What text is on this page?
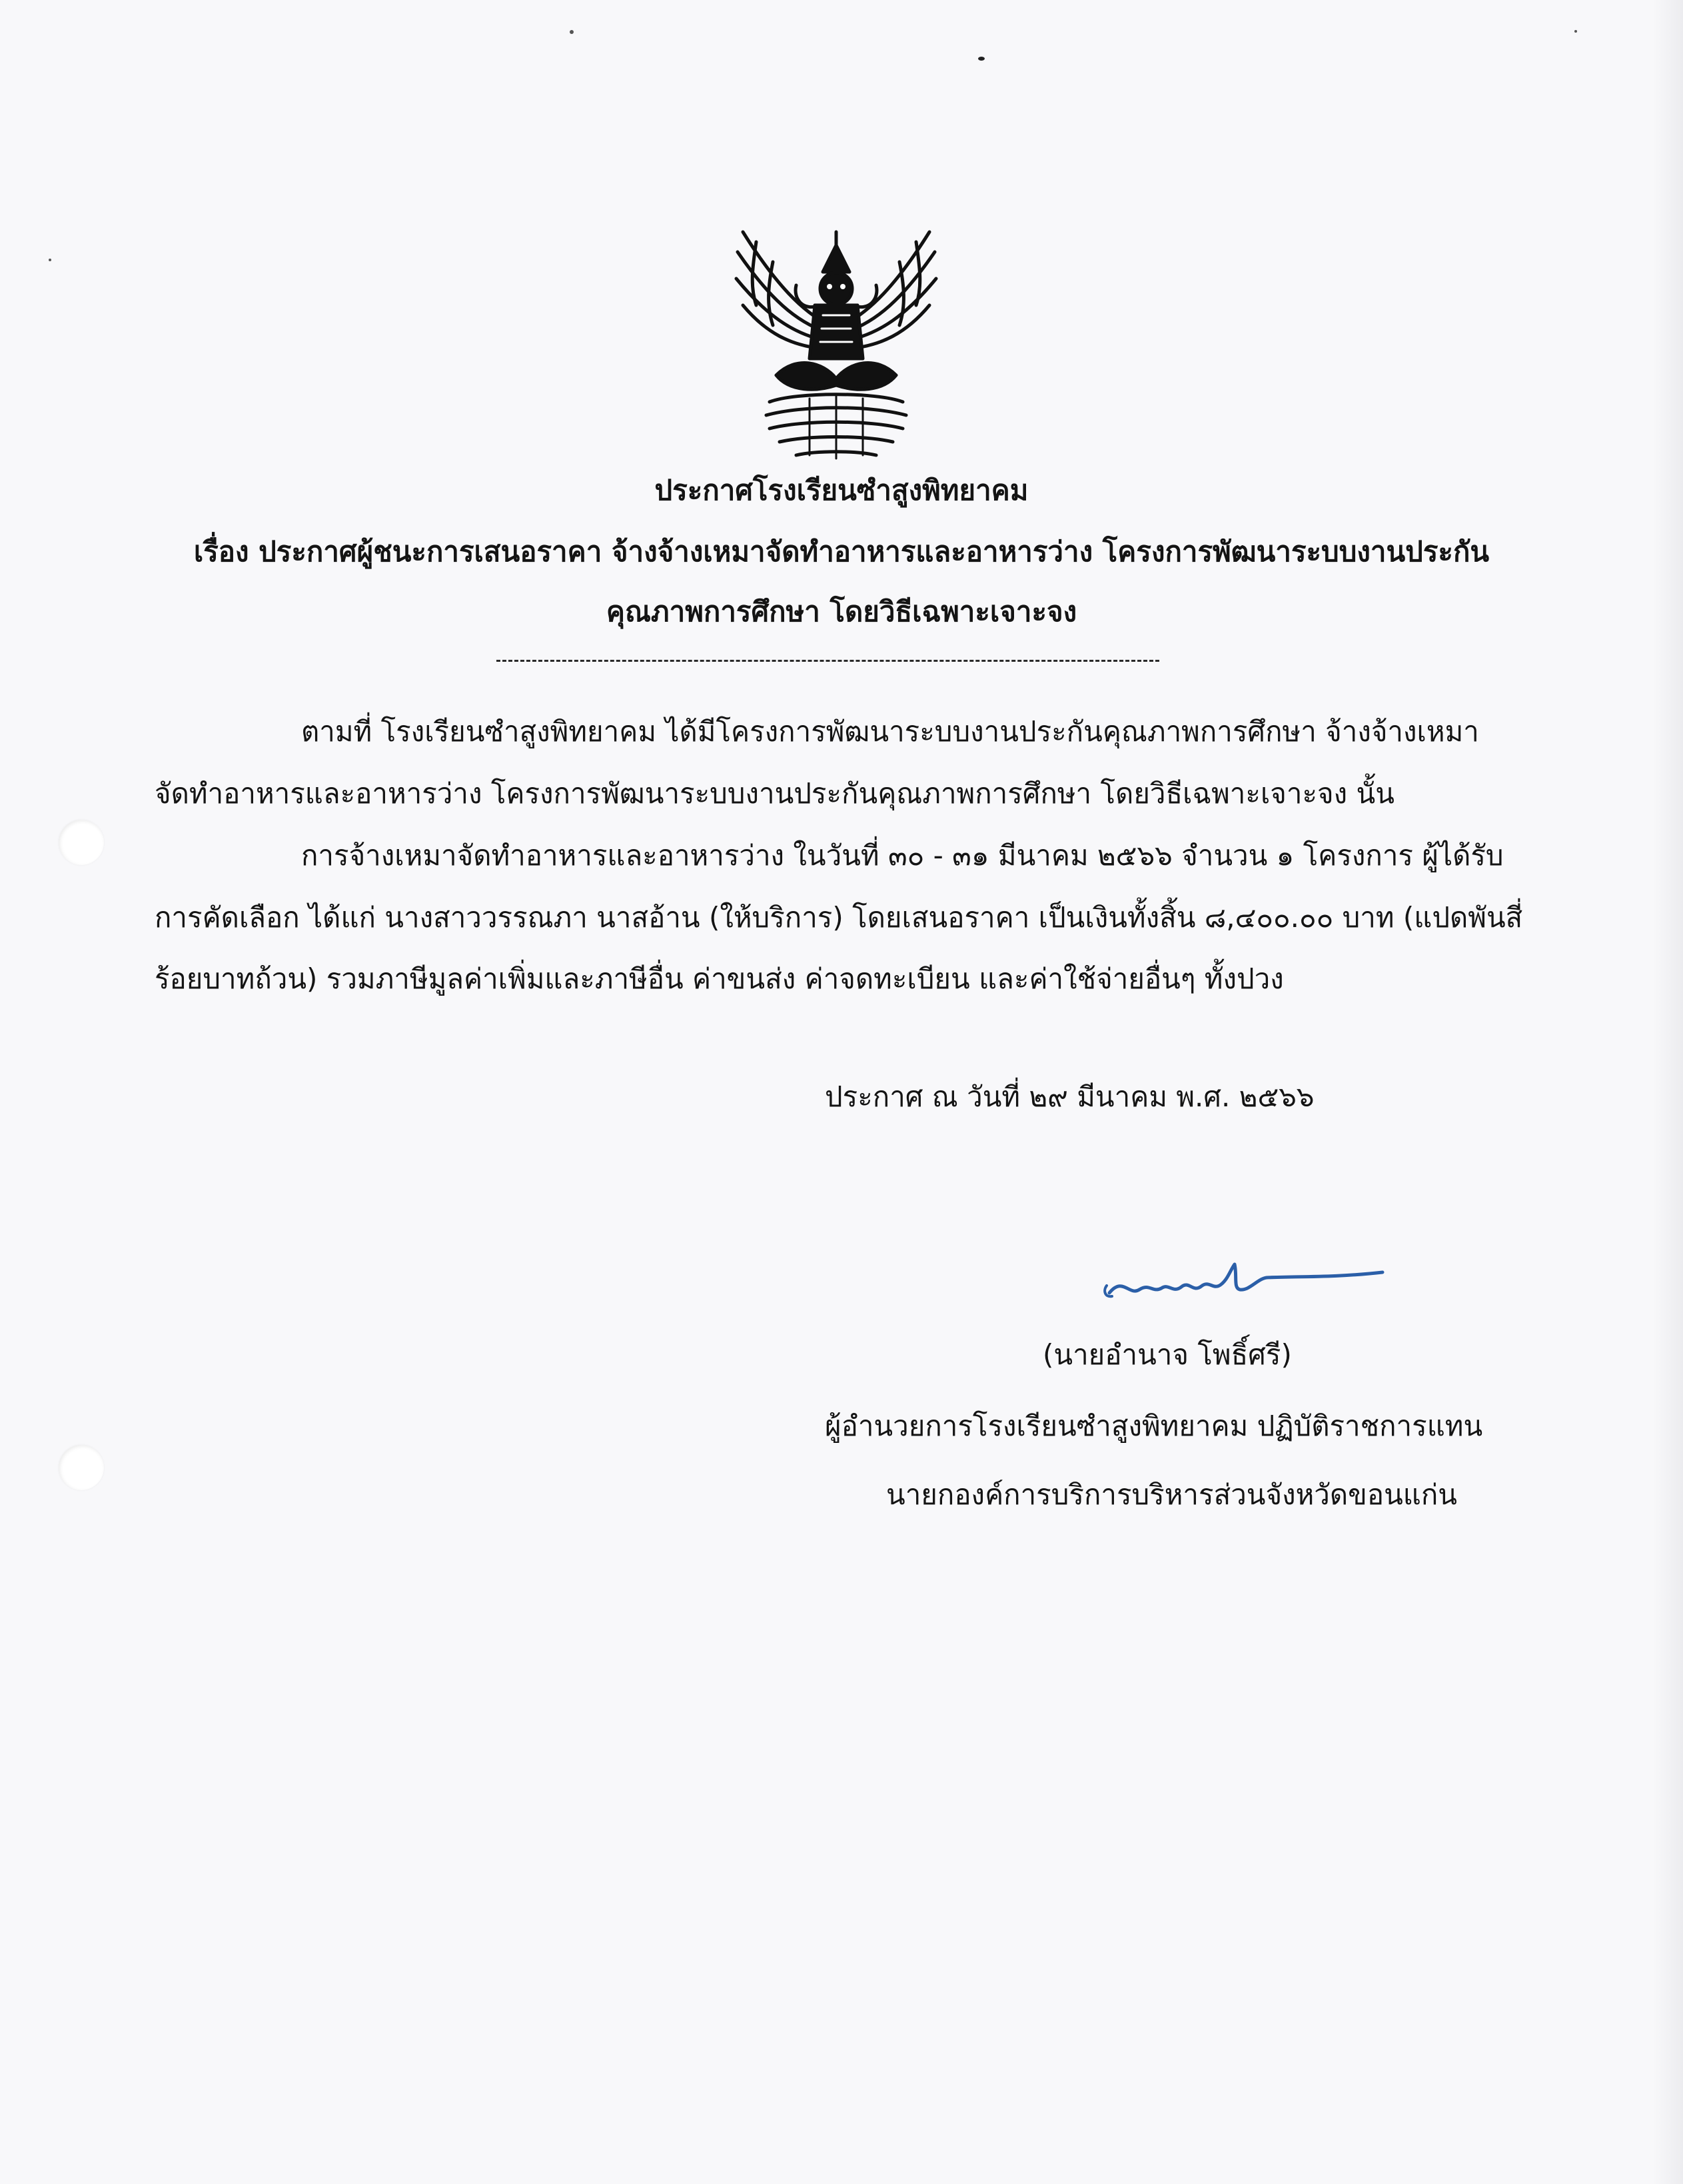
ประกาศโรงเรียนซำสูงพิทยาคม
เรื่อง ประกาศผู้ชนะการเสนอราคา จ้างจ้างเหมาจัดทำอาหารและอาหารว่าง โครงการพัฒนาระบบงานประกัน
คุณภาพการศึกษา โดยวิธีเฉพาะเจาะจง
ตามที่ โรงเรียนซำสูงพิทยาคม ได้มีโครงการพัฒนาระบบงานประกันคุณภาพการศึกษา จ้างจ้างเหมา
จัดทำอาหารและอาหารว่าง โครงการพัฒนาระบบงานประกันคุณภาพการศึกษา โดยวิธีเฉพาะเจาะจง นั้น
การจ้างเหมาจัดทำอาหารและอาหารว่าง ในวันที่ ๓๐ - ๓๑ มีนาคม ๒๕๖๖ จำนวน ๑ โครงการ ผู้ได้รับ
การคัดเลือก ได้แก่ นางสาววรรณภา นาสอ้าน (ให้บริการ) โดยเสนอราคา เป็นเงินทั้งสิ้น ๘,๔๐๐.๐๐ บาท (แปดพันสี่
ร้อยบาทถ้วน) รวมภาษีมูลค่าเพิ่มและภาษีอื่น ค่าขนส่ง ค่าจดทะเบียน และค่าใช้จ่ายอื่นๆ ทั้งปวง
ประกาศ ณ วันที่ ๒๙ มีนาคม พ.ศ. ๒๕๖๖
(นายอำนาจ โพธิ์ศรี)
ผู้อำนวยการโรงเรียนซำสูงพิทยาคม ปฏิบัติราชการแทน
นายกองค์การบริการบริหารส่วนจังหวัดขอนแก่น
